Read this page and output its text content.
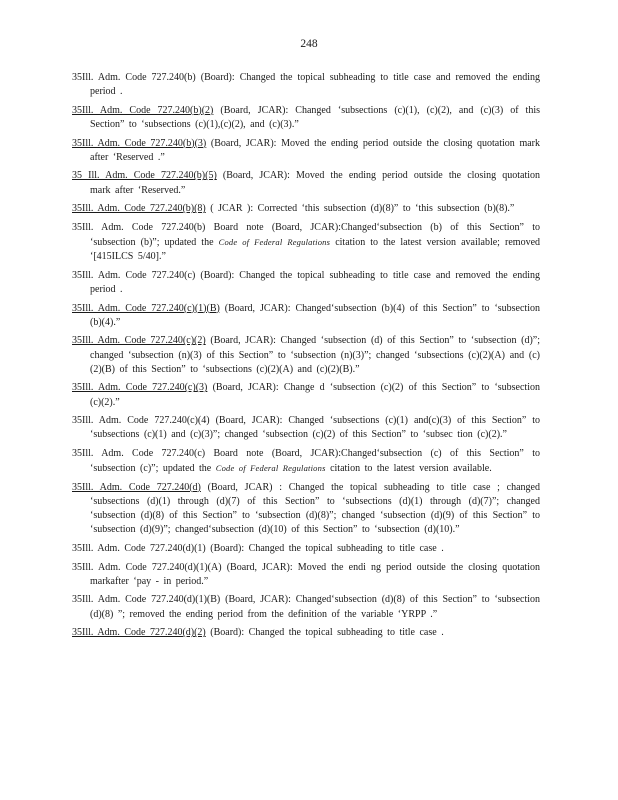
248
35Ill. Adm. Code 727.240(b) (Board): Changed the topical subheading to title case and removed the ending period .
35Ill. Adm. Code 727.240(b)(2) (Board, JCAR): Changed ‘subsections (c)(1), (c)(2), and (c)(3) of this Section” to ‘subsections (c)(1),(c)(2), and (c)(3).”
35Ill. Adm. Code 727.240(b)(3) (Board, JCAR): Moved the ending period outside the closing quotation mark after ‘Reserved .”
35 Ill. Adm. Code 727.240(b)(5) (Board, JCAR): Moved the ending period outside the closing quotation mark after ‘Reserved.”
35Ill. Adm. Code 727.240(b)(8) ( JCAR ): Corrected ‘this subsection (d)(8)” to ‘this subsection (b)(8).”
35Ill. Adm. Code 727.240(b) Board note (Board, JCAR):Changed‘subsection (b) of this Section” to ‘subsection (b)”; updated the Code of Federal Regulations citation to the latest version available; removed ‘[415ILCS 5/40].”
35Ill. Adm. Code 727.240(c) (Board): Changed the topical subheading to title case and removed the ending period .
35Ill. Adm. Code 727.240(c)(1)(B) (Board, JCAR): Changed‘subsection (b)(4) of this Section” to ‘subsection (b)(4).”
35Ill. Adm. Code 727.240(c)(2) (Board, JCAR): Changed ‘subsection (d) of this Section” to ‘subsection (d)”; changed ‘subsection (n)(3) of this Section” to ‘subsection (n)(3)”; changed ‘subsections (c)(2)(A) and (c)(2)(B) of this Section” to ‘subsections (c)(2)(A) and (c)(2)(B).”
35Ill. Adm. Code 727.240(c)(3) (Board, JCAR): Change d ‘subsection (c)(2) of this Section” to ‘subsection (c)(2).”
35Ill. Adm. Code 727.240(c)(4) (Board, JCAR): Changed ‘subsections (c)(1) and(c)(3) of this Section” to ‘subsections (c)(1) and (c)(3)”; changed ‘subsection (c)(2) of this Section” to ‘subsec tion (c)(2).”
35Ill. Adm. Code 727.240(c) Board note (Board, JCAR):Changed‘subsection (c) of this Section” to ‘subsection (c)”; updated the Code of Federal Regulations citation to the latest version available.
35Ill. Adm. Code 727.240(d) (Board, JCAR) : Changed the topical subheading to title case ; changed ‘subsections (d)(1) through (d)(7) of this Section” to ‘subsections (d)(1) through (d)(7)”; changed ‘subsection (d)(8) of this Section” to ‘subsection (d)(8)”; changed ‘subsection (d)(9) of this Section” to ‘subsection (d)(9)”; changed‘subsection (d)(10) of this Section” to ‘subsection (d)(10).”
35Ill. Adm. Code 727.240(d)(1) (Board): Changed the topical subheading to title case .
35Ill. Adm. Code 727.240(d)(1)(A) (Board, JCAR): Moved the endi ng period outside the closing quotation markafter ‘pay - in period.”
35Ill. Adm. Code 727.240(d)(1)(B) (Board, JCAR): Changed‘subsection (d)(8) of this Section” to ‘subsection (d)(8) ”; removed the ending period from the definition of the variable ‘YRPP .”
35Ill. Adm. Code 727.240(d)(2) (Board): Changed the topical subheading to title case .
